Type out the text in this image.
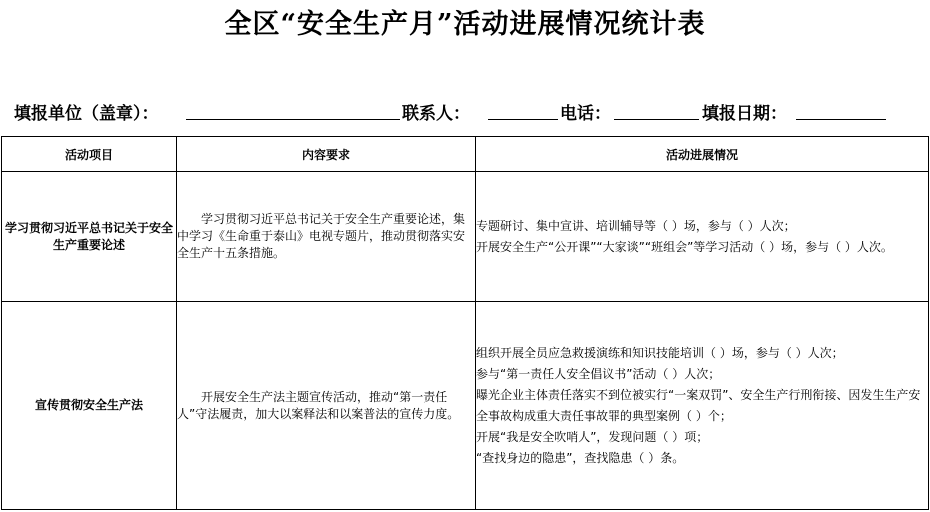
全区“安全生产月”活动进展情况统计表
填报单位（盖章）：	联系人：	电话：	填报日期：
活动项目	内容要求	活动进展情况
学习贯彻习近平总书记关于安全生产重要论述	学习贯彻习近平总书记关于安全生产重要论述，集中学习《生命重于泰山》电视专题片，推动贯彻落实安全生产十五条措施。	专题研讨、集中宣讲、培训辅导等（ ）场，参与（ ）人次；
开展安全生产“公开课”“大家谈”“班组会”等学习活动（ ）场，参与（ ）人次。

宣传贯彻安全生产法	开展安全生产法主题宣传活动，推动“第一责任人”守法履责，加大以案释法和以案普法的宣传力度。	组织开展全员应急救援演练和知识技能培训（ ）场，参与（ ）人次；
参与“第一责任人安全倡议书”活动（ ）人次；
曝光企业主体责任落实不到位被实行“一案双罚”、安全生产行刑衔接、因发生生产安全事故构成重大责任事故罪的典型案例（ ）个；
开展“我是安全吹哨人”，发现问题（ ）项；
“查找身边的隐患”，查找隐患（ ）条。
